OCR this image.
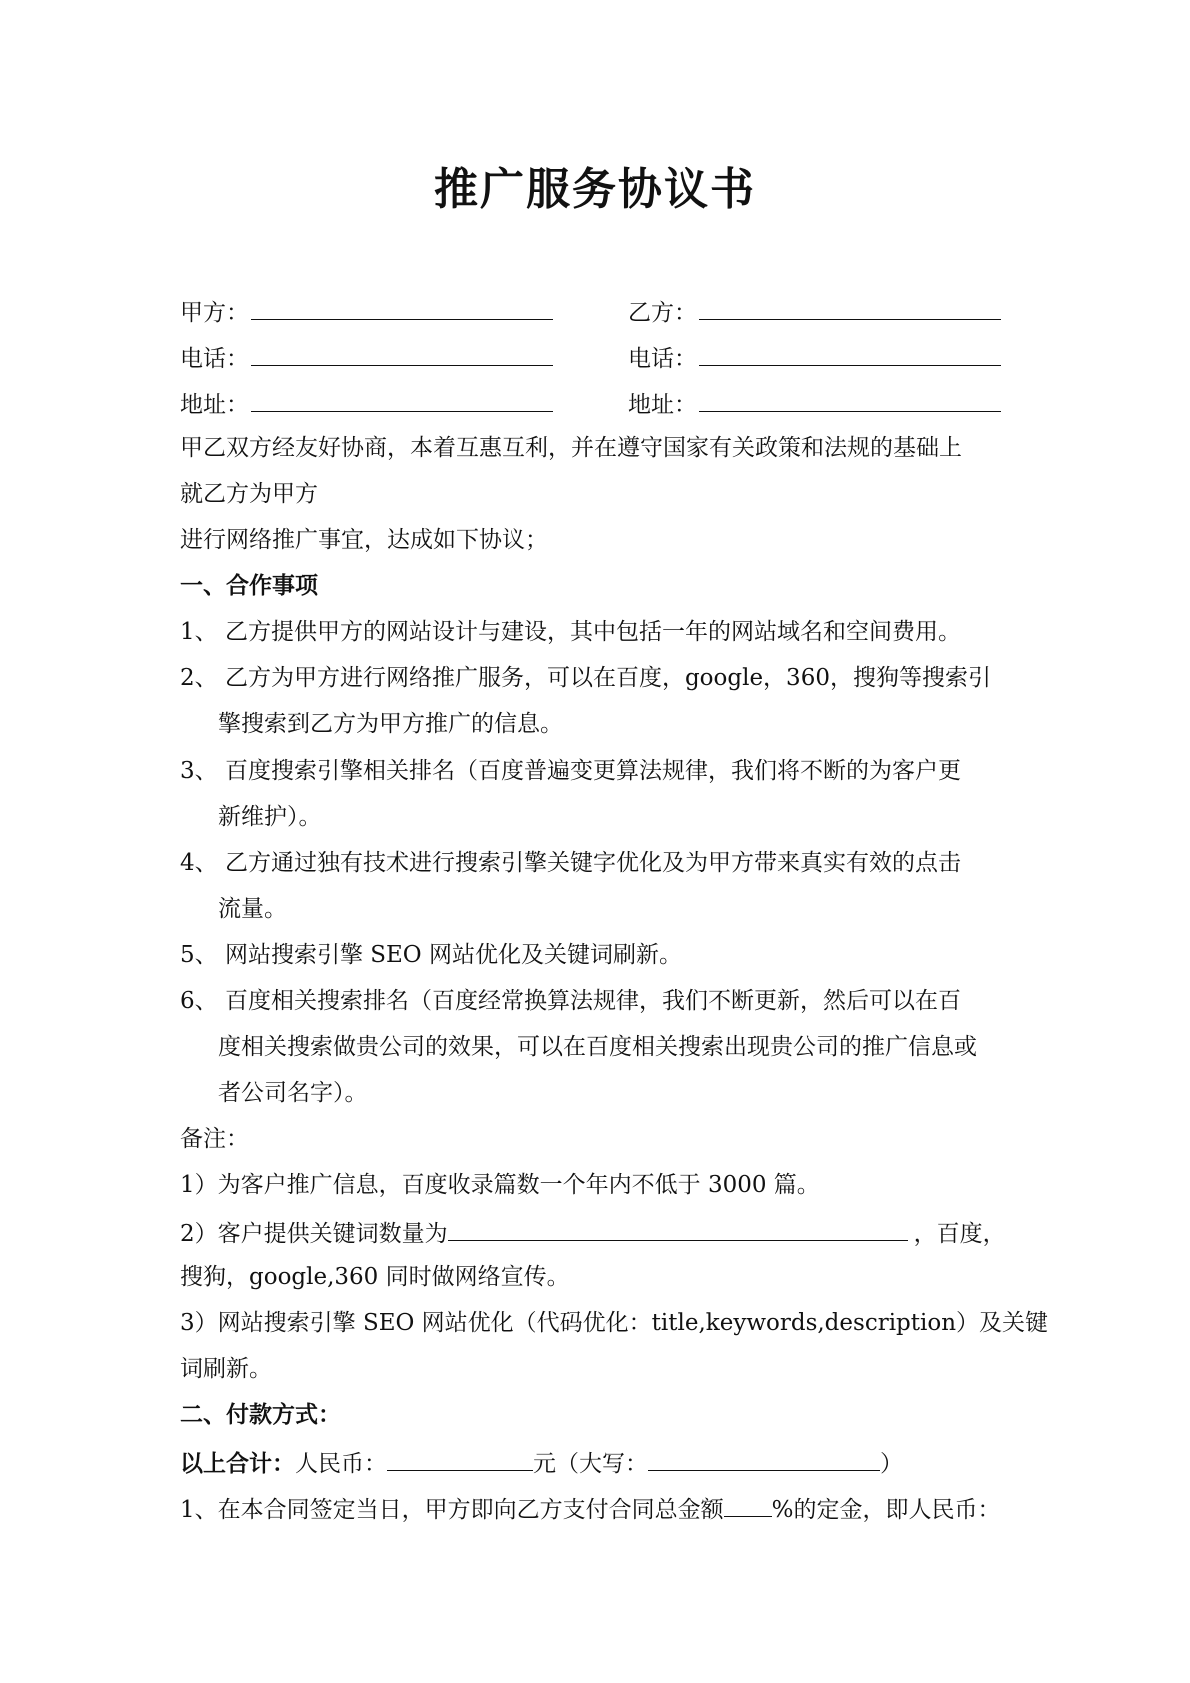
推广服务协议书
甲方：	乙方：
电话：	电话：
地址：	地址：
甲乙双方经友好协商，本着互惠互利，并在遵守国家有关政策和法规的基础上
就乙方为甲方
进行网络推广事宜，达成如下协议；
一、合作事项
1、 乙方提供甲方的网站设计与建设，其中包括一年的网站域名和空间费用。
2、 乙方为甲方进行网络推广服务，可以在百度，google，360，搜狗等搜索引
擎搜索到乙方为甲方推广的信息。
3、 百度搜索引擎相关排名（百度普遍变更算法规律，我们将不断的为客户更
新维护）。
4、 乙方通过独有技术进行搜索引擎关键字优化及为甲方带来真实有效的点击
流量。
5、 网站搜索引擎 SEO 网站优化及关键词刷新。
6、 百度相关搜索排名（百度经常换算法规律，我们不断更新，然后可以在百
度相关搜索做贵公司的效果，可以在百度相关搜索出现贵公司的推广信息或
者公司名字）。
备注：
1）为客户推广信息，百度收录篇数一个年内不低于 3000 篇。
2）客户提供关键词数量为	，百度，
搜狗，google,360 同时做网络宣传。
3）网站搜索引擎 SEO 网站优化（代码优化：title,keywords,description）及关键
词刷新。
二、付款方式：
以上合计：人民币：	元（大写：	）
1、在本合同签定当日，甲方即向乙方支付合同总金额 %的定金，即人民币：
